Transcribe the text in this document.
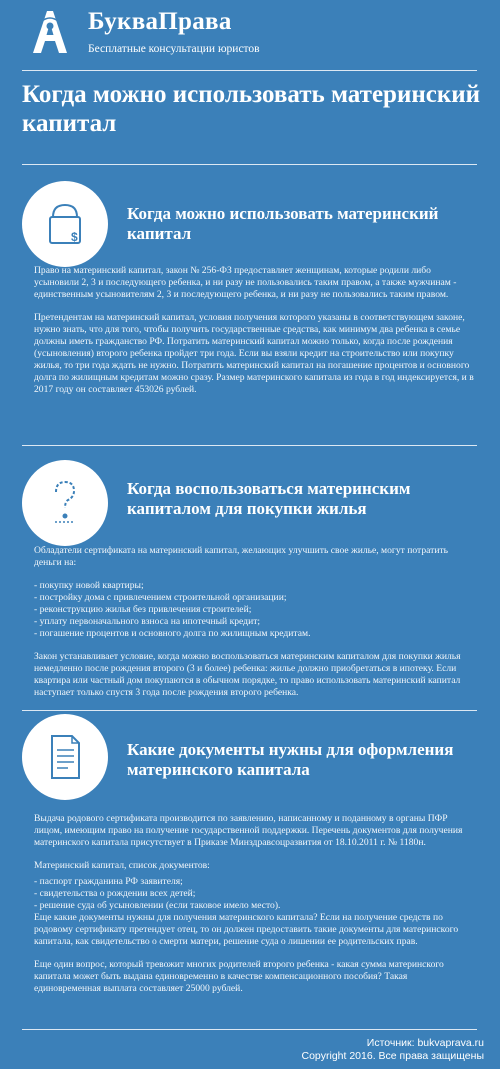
БукваПрава
Бесплатные консультации юристов
Когда можно использовать материнский капитал
$
Когда можно использовать материнский капитал

Право на материнский капитал, закон № 256-ФЗ предоставляет женщинам, которые родили либо усыновили 2, 3 и последующего ребенка, и ни разу не пользовались таким правом, а также мужчинам - единственным усыновителям 2, 3 и последующего ребенка, и ни разу не пользовались таким правом.

Претендентам на материнский капитал, условия получения которого указаны в соответствующем законе, нужно знать, что для того, чтобы получить государственные средства, как минимум два ребенка в семье должны иметь гражданство РФ. Потратить материнский капитал можно только, когда после рождения (усыновления) второго ребенка пройдет три года. Если вы взяли кредит на строительство или покупку жилья, то три года ждать не нужно. Потратить материнский капитал на погашение процентов и основного долга по жилищным кредитам можно сразу. Размер материнского капитала из года в год индексируется, и в 2017 году он составляет 453026 рублей.

Когда воспользоваться материнским капиталом для покупки жилья

Обладатели сертификата на материнский капитал, желающих улучшить свое жилье, могут потратить деньги на:

- покупку новой квартиры;
- постройку дома с привлечением строительной организации;
- реконструкцию жилья без привлечения строителей;
- уплату первоначального взноса на ипотечный кредит;
- погашение процентов и основного долга по жилищным кредитам.

Закон устанавливает условие, когда можно воспользоваться материнским капиталом для покупки жилья немедленно после рождения второго (3 и более) ребенка: жилье должно приобретаться в ипотеку. Если квартира или частный дом покупаются в обычном порядке, то право использовать материнский капитал наступает только спустя 3 года после рождения второго ребенка.

Какие документы нужны для оформления материнского капитала

Выдача родового сертификата производится по заявлению, написанному и поданному в органы ПФР лицом, имеющим право на получение государственной поддержки. Перечень документов для получения материнского капитала присутствует в Приказе Минздравсоцразвития от 18.10.2011 г. № 1180н.

Материнский капитал, список документов:

- паспорт гражданина РФ заявителя;
- свидетельства о рождении всех детей;
- решение суда об усыновлении (если таковое имело место).

Еще какие документы нужны для получения материнского капитала? Если на получение средств по родовому сертификату претендует отец, то он должен предоставить такие документы для материнского капитала, как свидетельство о смерти матери, решение суда о лишении ее родительских прав.

Еще один вопрос, который тревожит многих родителей второго ребенка - какая сумма материнского капитала может быть выдана единовременно в качестве компенсационного пособия? Такая единовременная выплата составляет 25000 рублей.

Источник: bukvaprava.ru
Copyright 2016. Все права защищены
